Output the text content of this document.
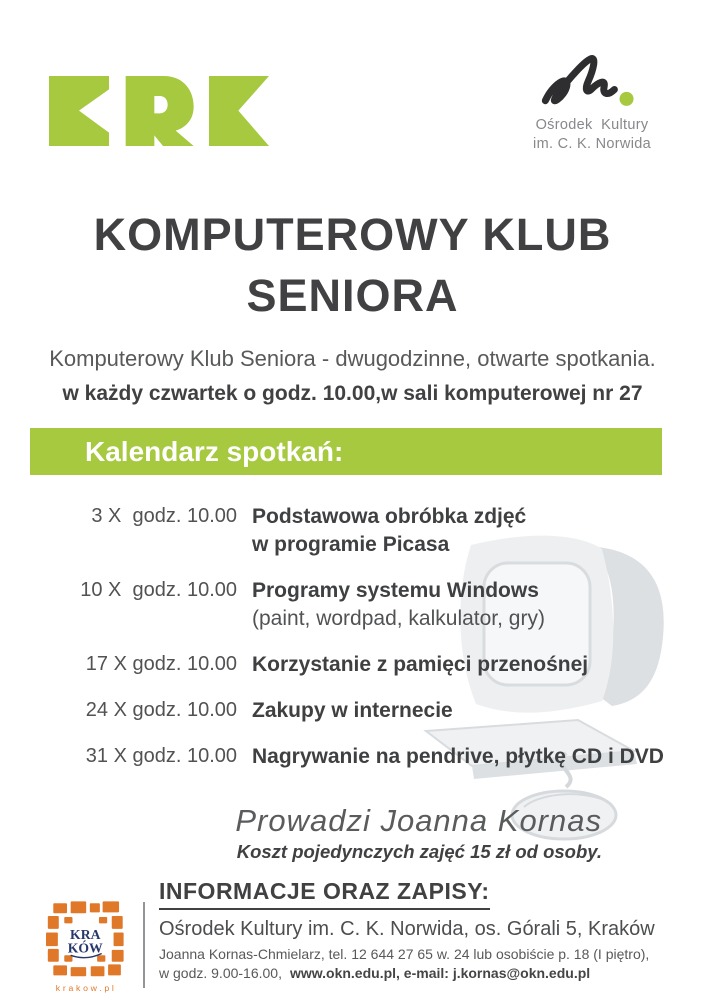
Ośrodek  Kultury
im. C. K. Norwida
KOMPUTEROWY KLUB
SENIORA
Komputerowy Klub Seniora - dwugodzinne, otwarte spotkania.
w każdy czwartek o godz. 10.00,w sali komputerowej nr 27
Kalendarz spotkań:
3 X  godz. 10.00 Podstawowa obróbka zdjęć
w programie Picasa
10 X  godz. 10.00 Programy systemu Windows
(paint, wordpad, kalkulator, gry)
17 X godz. 10.00 Korzystanie z pamięci przenośnej
24 X godz. 10.00 Zakupy w internecie
31 X godz. 10.00 Nagrywanie na pendrive, płytkę CD i DVD
Prowadzi Joanna Kornas
Koszt pojedynczych zajęć 15 zł od osoby.
KRA
KÓW
krakow.pl
INFORMACJE ORAZ ZAPISY:
Ośrodek Kultury im. C. K. Norwida, os. Górali 5, Kraków
Joanna Kornas-Chmielarz, tel. 12 644 27 65 w. 24 lub osobiście p. 18 (I piętro),
w godz. 9.00-16.00, www.okn.edu.pl, e-mail: j.kornas@okn.edu.pl
